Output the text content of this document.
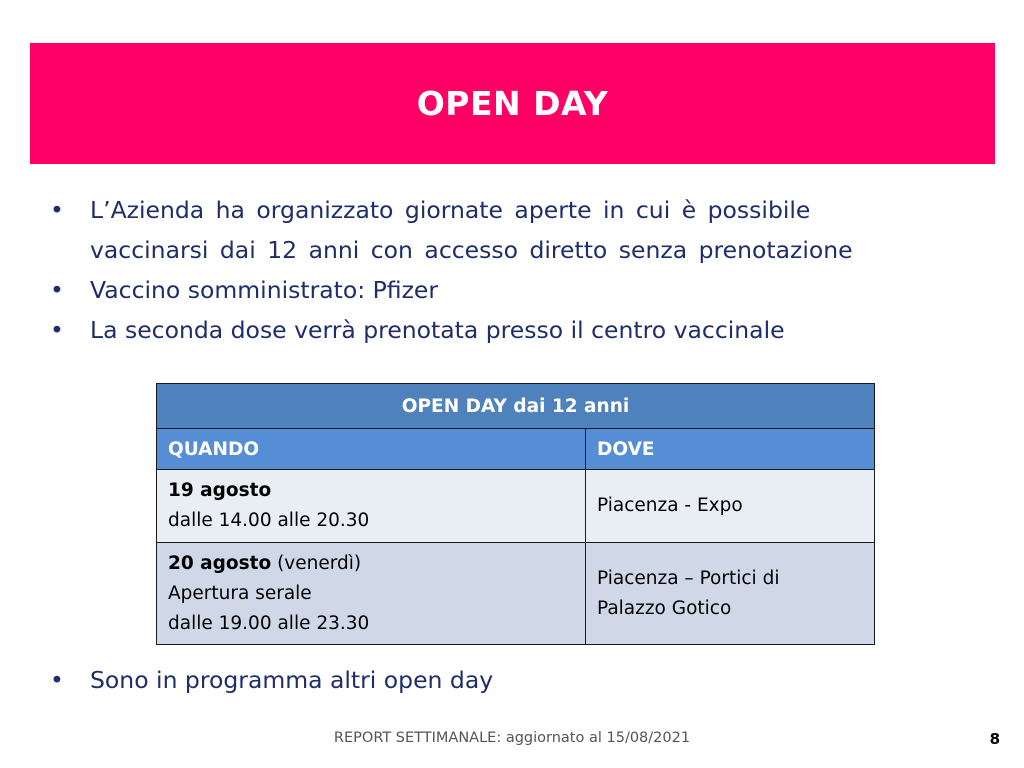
OPEN DAY
• L’Azienda ha organizzato giornate aperte in cui è possibile
vaccinarsi dai 12 anni con accesso diretto senza prenotazione
• Vaccino somministrato: Pfizer
• La seconda dose verrà prenotata presso il centro vaccinale
OPEN DAY dai 12 anni	
QUANDO	DOVE

19 agosto
dalle 14.00 alle 20.30	Piacenza - Expo

20 agosto (venerdì)
Apertura serale
dalle 19.00 alle 23.30	Piacenza – Portici di
Palazzo Gotico
• Sono in programma altri open day
REPORT SETTIMANALE: aggiornato al 15/08/2021	8
